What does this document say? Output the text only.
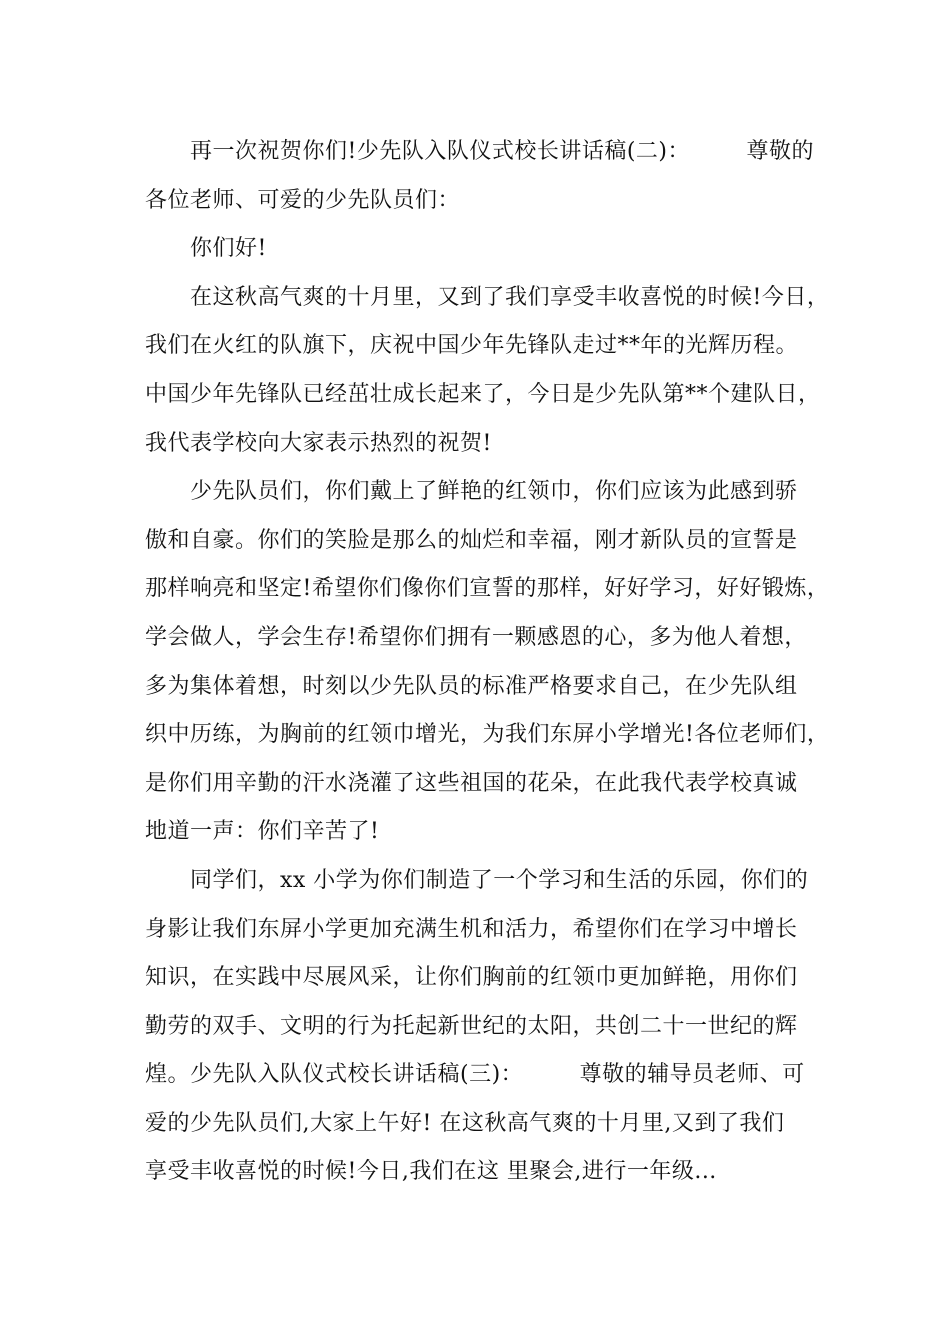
　　再一次祝贺你们!少先队入队仪式校长讲话稿(二)：　　　尊敬的
各位老师、可爱的少先队员们：
　　你们好!
　　在这秋高气爽的十月里，又到了我们享受丰收喜悦的时候!今日，
我们在火红的队旗下，庆祝中国少年先锋队走过**年的光辉历程。
中国少年先锋队已经茁壮成长起来了，今日是少先队第**个建队日，
我代表学校向大家表示热烈的祝贺!
　　少先队员们，你们戴上了鲜艳的红领巾，你们应该为此感到骄
傲和自豪。你们的笑脸是那么的灿烂和幸福，刚才新队员的宣誓是
那样响亮和坚定!希望你们像你们宣誓的那样，好好学习，好好锻炼，
学会做人，学会生存!希望你们拥有一颗感恩的心，多为他人着想，
多为集体着想，时刻以少先队员的标准严格要求自己，在少先队组
织中历练，为胸前的红领巾增光，为我们东屏小学增光!各位老师们，
是你们用辛勤的汗水浇灌了这些祖国的花朵，在此我代表学校真诚
地道一声：你们辛苦了!
　　同学们，xx 小学为你们制造了一个学习和生活的乐园，你们的
身影让我们东屏小学更加充满生机和活力，希望你们在学习中增长
知识，在实践中尽展风采，让你们胸前的红领巾更加鲜艳，用你们
勤劳的双手、文明的行为托起新世纪的太阳，共创二十一世纪的辉
煌。少先队入队仪式校长讲话稿(三)：　　　尊敬的辅导员老师、可
爱的少先队员们,大家上午好! 在这秋高气爽的十月里,又到了我们
享受丰收喜悦的时候!今日,我们在这 里聚会,进行一年级...
